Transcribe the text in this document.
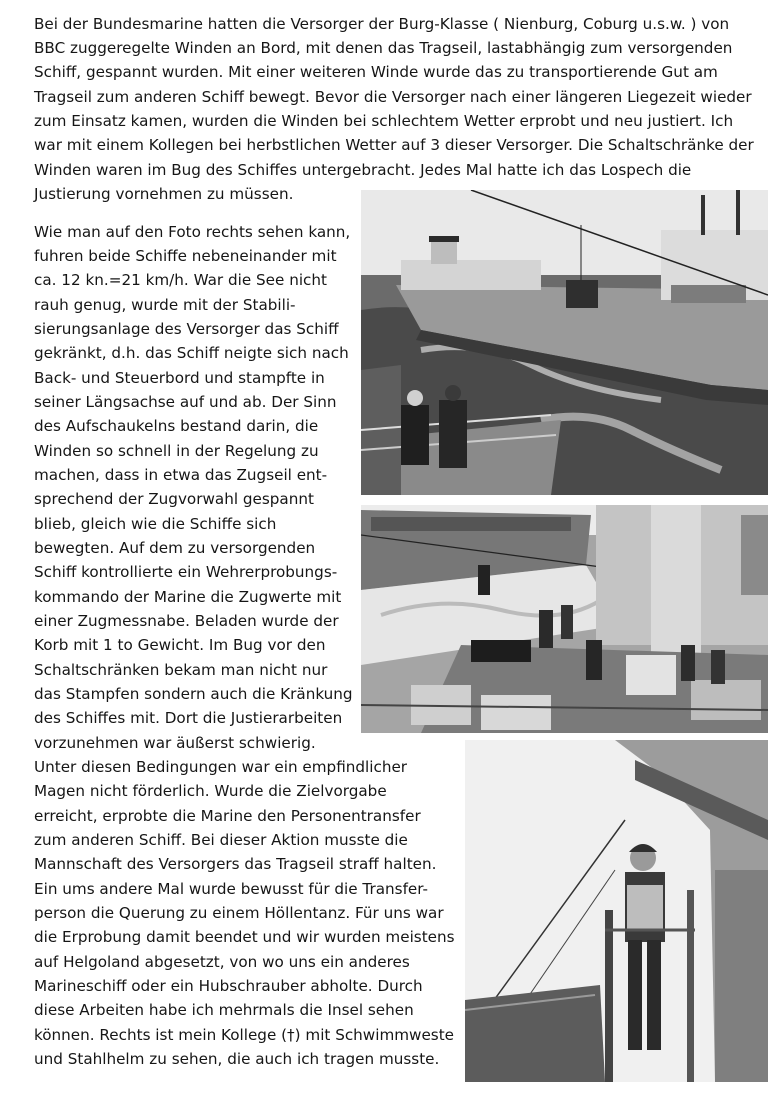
Bei der Bundesmarine hatten die Versorger der Burg-Klasse ( Nienburg, Coburg u.s.w. ) von
BBC zuggeregelte Winden an Bord, mit denen das Tragseil, lastabhängig zum versorgenden
Schiff, gespannt wurden. Mit einer weiteren Winde wurde das zu transportierende Gut am
Tragseil zum anderen Schiff bewegt. Bevor die Versorger nach einer längeren Liegezeit wieder
zum Einsatz kamen, wurden die Winden bei schlechtem Wetter erprobt und neu justiert. Ich
war mit einem Kollegen bei herbstlichen Wetter auf 3 dieser Versorger. Die Schaltschränke der
Winden waren im Bug des Schiffes untergebracht. Jedes Mal hatte ich das Lospech die
Justierung vornehmen zu müssen.
Wie man auf den Foto rechts sehen kann,
fuhren beide Schiffe nebeneinander mit
ca. 12 kn.=21 km/h. War die See nicht
rauh genug, wurde mit der Stabili-
sierungsanlage des Versorger das Schiff
gekränkt, d.h. das Schiff neigte sich nach
Back- und Steuerbord und stampfte in
seiner Längsachse auf und ab. Der Sinn
des Aufschaukelns bestand darin, die
Winden so schnell in der Regelung zu
machen, dass in etwa das Zugseil ent-
sprechend der Zugvorwahl gespannt
blieb, gleich wie die Schiffe sich
bewegten. Auf dem zu versorgenden
Schiff kontrollierte ein Wehrerprobungs-
kommando der Marine die Zugwerte mit
einer Zugmessnabe. Beladen wurde der
Korb mit 1 to Gewicht. Im Bug vor den
Schaltschränken bekam man nicht nur
das Stampfen sondern auch die Kränkung
des Schiffes mit. Dort die Justierarbeiten
vorzunehmen war äußerst schwierig.
Unter diesen Bedingungen war ein empfindlicher
Magen nicht förderlich. Wurde die Zielvorgabe
erreicht, erprobte die Marine den Personentransfer
zum anderen Schiff. Bei dieser Aktion musste die
Mannschaft des Versorgers das Tragseil straff halten.
Ein ums andere Mal wurde bewusst für die Transfer-
person die Querung zu einem Höllentanz. Für uns war
die Erprobung damit beendet und wir wurden meistens
auf Helgoland abgesetzt, von wo uns ein anderes
Marineschiff oder ein Hubschrauber abholte. Durch
diese Arbeiten habe ich mehrmals die Insel sehen
können. Rechts ist mein Kollege (†) mit Schwimmweste
und Stahlhelm zu sehen, die auch ich tragen musste.
